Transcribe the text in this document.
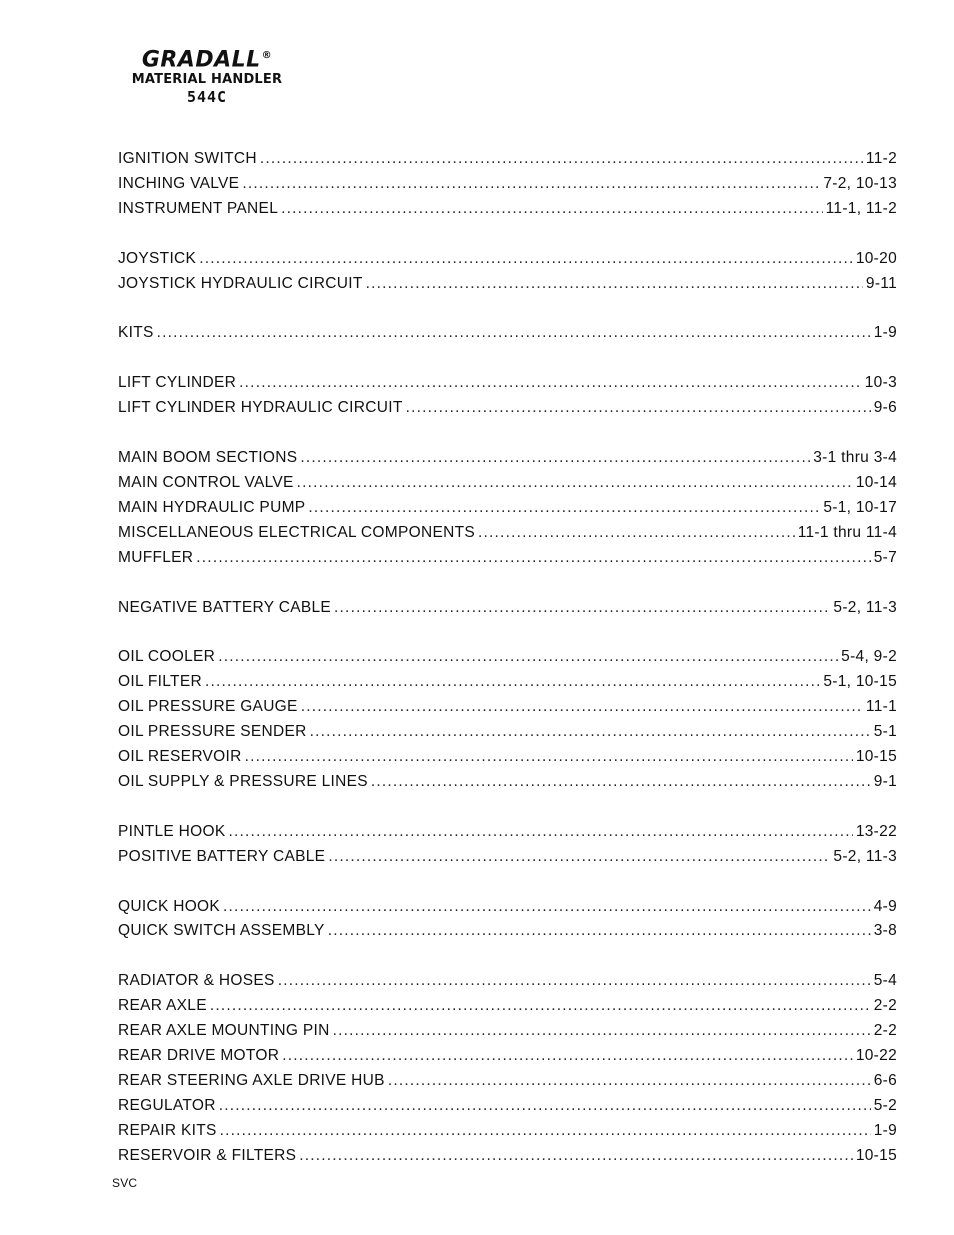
GRADALL®
MATERIAL HANDLER
544C
IGNITION SWITCH .....	11-2
INCHING VALVE .....	7-2, 10-13
INSTRUMENT PANEL .....	11-1, 11-2
JOYSTICK .....	10-20
JOYSTICK HYDRAULIC CIRCUIT .....	9-11
KITS .....	1-9
LIFT CYLINDER .....	10-3
LIFT CYLINDER HYDRAULIC CIRCUIT .....	9-6
MAIN BOOM SECTIONS .....	3-1 thru 3-4
MAIN CONTROL VALVE .....	10-14
MAIN HYDRAULIC PUMP .....	5-1, 10-17
MISCELLANEOUS ELECTRICAL COMPONENTS .....	11-1 thru 11-4
MUFFLER .....	5-7
NEGATIVE BATTERY CABLE .....	5-2, 11-3
OIL COOLER .....	5-4, 9-2
OIL FILTER .....	5-1, 10-15
OIL PRESSURE GAUGE .....	11-1
OIL PRESSURE SENDER .....	5-1
OIL RESERVOIR .....	10-15
OIL SUPPLY & PRESSURE LINES .....	9-1
PINTLE HOOK .....	13-22
POSITIVE BATTERY CABLE .....	5-2, 11-3
QUICK HOOK .....	4-9
QUICK SWITCH ASSEMBLY .....	3-8
RADIATOR & HOSES .....	5-4
REAR AXLE .....	2-2
REAR AXLE MOUNTING PIN .....	2-2
REAR DRIVE MOTOR .....	10-22
REAR STEERING AXLE DRIVE HUB .....	6-6
REGULATOR .....	5-2
REPAIR KITS .....	1-9
RESERVOIR & FILTERS .....	10-15
SVC
